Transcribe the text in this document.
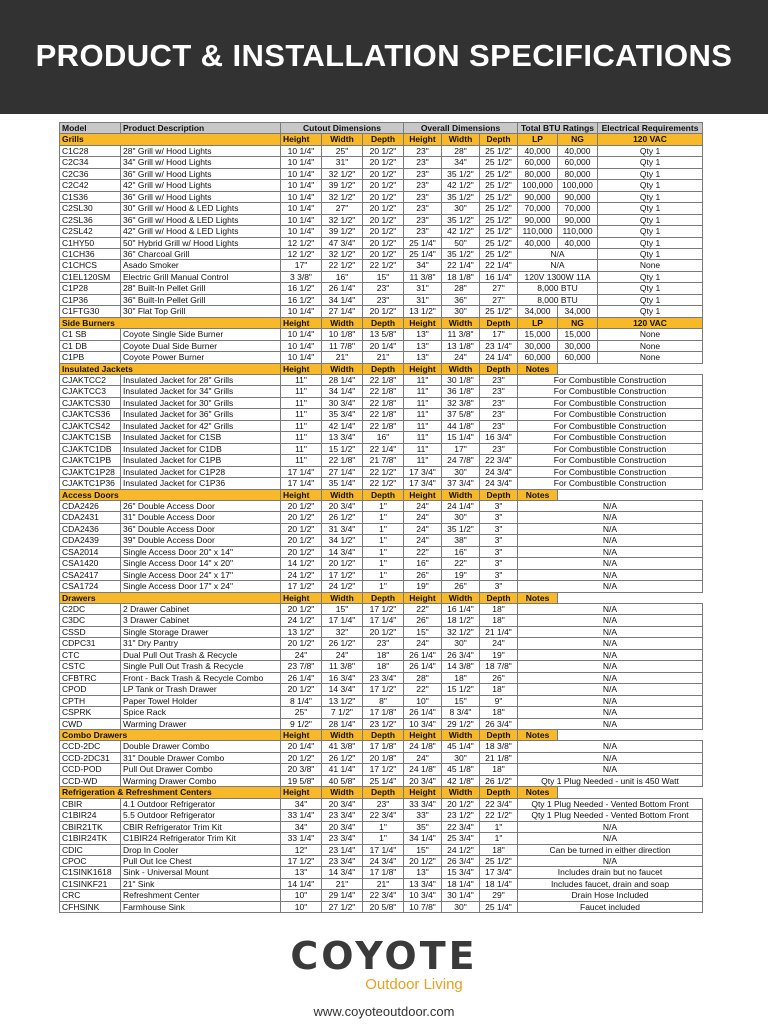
PRODUCT & INSTALLATION SPECIFICATIONS
Model	Product Description	Cutout Dimensions			Overall Dimensions			Total BTU Ratings		Electrical Requirements
Grills		Height	Width	Depth	Height	Width	Depth	LP	NG	120 VAC
C1C28	28" Grill w/ Hood Lights	10 1/4"	25"	20 1/2"	23"	28"	25 1/2"	40,000	40,000	Qty 1
C2C34	34" Grill w/ Hood Lights	10 1/4"	31"	20 1/2"	23"	34"	25 1/2"	60,000	60,000	Qty 1
C2C36	36" Grill w/ Hood Lights	10 1/4"	32 1/2"	20 1/2"	23"	35 1/2"	25 1/2"	80,000	80,000	Qty 1
C2C42	42" Grill w/ Hood Lights	10 1/4"	39 1/2"	20 1/2"	23"	42 1/2"	25 1/2"	100,000	100,000	Qty 1
C1S36	36" Grill w/ Hood Lights	10 1/4"	32 1/2"	20 1/2"	23"	35 1/2"	25 1/2"	90,000	90,000	Qty 1
C2SL30	30" Grill w/ Hood & LED Lights	10 1/4"	27"	20 1/2"	23"	30"	25 1/2"	70,000	70,000	Qty 1
C2SL36	36" Grill w/ Hood & LED Lights	10 1/4"	32 1/2"	20 1/2"	23"	35 1/2"	25 1/2"	90,000	90,000	Qty 1
C2SL42	42" Grill w/ Hood & LED Lights	10 1/4"	39 1/2"	20 1/2"	23"	42 1/2"	25 1/2"	110,000	110,000	Qty 1
C1HY50	50" Hybrid Grill w/ Hood Lights	12 1/2"	47 3/4"	20 1/2"	25 1/4"	50"	25 1/2"	40,000	40,000	Qty 1
C1CH36	36" Charcoal Grill	12 1/2"	32 1/2"	20 1/2"	25 1/4"	35 1/2"	25 1/2"	N/A		Qty 1
C1CHCS	Asado Smoker	17"	22 1/2"	22 1/2"	34"	22 1/4"	22 1/4"	N/A		None
C1EL120SM	Electric Grill Manual Control	3 3/8"	16"	15"	11 3/8"	18 1/8"	16 1/4"	120V 1300W 11A		Qty 1
C1P28	28" Built-In Pellet Grill	16 1/2"	26 1/4"	23"	31"	28"	27"	8,000 BTU		Qty 1
C1P36	36" Built-In Pellet Grill	16 1/2"	34 1/4"	23"	31"	36"	27"	8,000 BTU		Qty 1
C1FTG30	30" Flat Top Grill	10 1/4"	27 1/4"	20 1/2"	13 1/2"	30"	25 1/2"	34,000	34,000	Qty 1
Side Burners		Height	Width	Depth	Height	Width	Depth	LP	NG	120 VAC
C1 SB	Coyote Single Side Burner	10 1/4"	10 1/8"	13 5/8"	13"	11 3/8"	17"	15,000	15,000	None
C1 DB	Coyote Dual Side Burner	10 1/4"	11 7/8"	20 1/4"	13"	13 1/8"	23 1/4"	30,000	30,000	None
C1PB	Coyote Power Burner	10 1/4"	21"	21"	13"	24"	24 1/4"	60,000	60,000	None
Insulated Jackets		Height	Width	Depth	Height	Width	Depth	Notes		
CJAKTCC2	Insulated Jacket for 28" Grills	11"	28 1/4"	22 1/8"	11"	30 1/8"	23"	For Combustible Construction		
CJAKTCC3	Insulated Jacket for 34" Grills	11"	34 1/4"	22 1/8"	11"	36 1/8"	23"	For Combustible Construction		
CJAKTCS30	Insulated Jacket for 30" Grills	11"	30 3/4"	22 1/8"	11"	32 3/8"	23"	For Combustible Construction		
CJAKTCS36	Insulated Jacket for 36" Grills	11"	35 3/4"	22 1/8"	11"	37 5/8"	23"	For Combustible Construction		
CJAKTCS42	Insulated Jacket for 42" Grills	11"	42 1/4"	22 1/8"	11"	44 1/8"	23"	For Combustible Construction		
CJAKTC1SB	Insulated Jacket for C1SB	11"	13 3/4"	16"	11"	15 1/4"	16 3/4"	For Combustible Construction		
CJAKTC1DB	Insulated Jacket for C1DB	11"	15 1/2"	22 1/4"	11"	17"	23"	For Combustible Construction		
CJAKTC1PB	Insulated Jacket for C1PB	11"	22 1/8"	21 7/8"	11"	24 7/8"	22 3/4"	For Combustible Construction		
CJAKTC1P28	Insulated Jacket for C1P28	17 1/4"	27 1/4"	22 1/2"	17 3/4"	30"	24 3/4"	For Combustible Construction		
CJAKTC1P36	Insulated Jacket for C1P36	17 1/4"	35 1/4"	22 1/2"	17 3/4"	37 3/4"	24 3/4"	For Combustible Construction		
Access Doors		Height	Width	Depth	Height	Width	Depth	Notes		
CDA2426	26" Double Access Door	20 1/2"	20 3/4"	1"	24"	24 1/4"	3"	N/A		
CDA2431	31" Double Access Door	20 1/2"	26 1/2"	1"	24"	30"	3"	N/A		
CDA2436	36" Double Access Door	20 1/2"	31 3/4"	1"	24"	35 1/2"	3"	N/A		
CDA2439	39" Double Access Door	20 1/2"	34 1/2"	1"	24"	38"	3"	N/A		
CSA2014	Single Access Door 20" x 14"	20 1/2"	14 3/4"	1"	22"	16"	3"	N/A		
CSA1420	Single Access Door 14" x 20"	14 1/2"	20 1/2"	1"	16"	22"	3"	N/A		
CSA2417	Single Access Door 24" x 17"	24 1/2"	17 1/2"	1"	26"	19"	3"	N/A		
CSA1724	Single Access Door 17" x 24"	17 1/2"	24 1/2"	1"	19"	26"	3"	N/A		
Drawers		Height	Width	Depth	Height	Width	Depth	Notes		
C2DC	2 Drawer Cabinet	20 1/2"	15"	17 1/2"	22"	16 1/4"	18"	N/A		
C3DC	3 Drawer Cabinet	24 1/2"	17 1/4"	17 1/4"	26"	18 1/2"	18"	N/A		
CSSD	Single Storage Drawer	13 1/2"	32"	20 1/2"	15"	32 1/2"	21 1/4"	N/A		
CDPC31	31" Dry Pantry	20 1/2"	26 1/2"	23"	24"	30"	24"	N/A		
CTC	Dual Pull Out Trash & Recycle	24"	24"	18"	26 1/4"	26 3/4"	19"	N/A		
CSTC	Single Pull Out Trash & Recycle	23 7/8"	11 3/8"	18"	26 1/4"	14 3/8"	18 7/8"	N/A		
CFBTRC	Front - Back Trash & Recycle Combo	26 1/4"	16 3/4"	23 3/4"	28"	18"	26"	N/A		
CPOD	LP Tank or Trash Drawer	20 1/2"	14 3/4"	17 1/2"	22"	15 1/2"	18"	N/A		
CPTH	Paper Towel Holder	8 1/4"	13 1/2"	8"	10"	15"	9"	N/A		
CSPRK	Spice Rack	25"	7 1/2"	17 1/8"	26 1/4"	8 3/4"	18"	N/A		
CWD	Warming Drawer	9 1/2"	28 1/4"	23 1/2"	10 3/4"	29 1/2"	26 3/4"	N/A		
Combo Drawers		Height	Width	Depth	Height	Width	Depth	Notes		
CCD-2DC	Double Drawer Combo	20 1/4"	41 3/8"	17 1/8"	24 1/8"	45 1/4"	18 3/8"	N/A		
CCD-2DC31	31" Double Drawer Combo	20 1/2"	26 1/2"	20 1/8"	24"	30"	21 1/8"	N/A		
CCD-POD	Pull Out Drawer Combo	20 3/8"	41 1/4"	17 1/2"	24 1/8"	45 1/8"	18"	N/A		
CCD-WD	Warming Drawer Combo	19 5/8"	40 5/8"	25 1/4"	20 3/4"	42 1/8"	26 1/2"	Qty 1 Plug Needed - unit is 450 Watt		
Refrigeration & Refreshment Centers		Height	Width	Depth	Height	Width	Depth	Notes		
CBIR	4.1 Outdoor Refrigerator	34"	20 3/4"	23"	33 3/4"	20 1/2"	22 3/4"	Qty 1 Plug Needed - Vented Bottom Front		
C1BIR24	5.5 Outdoor Refrigerator	33 1/4"	23 3/4"	22 3/4"	33"	23 1/2"	22 1/2"	Qty 1 Plug Needed - Vented Bottom Front		
CBIR21TK	CBIR Refrigerator Trim Kit	34"	20 3/4"	1"	35"	22 3/4"	1"	N/A		
C1BIR24TK	C1BIR24 Refrigerator Trim Kit	33 1/4"	23 3/4"	1"	34 1/4"	25 3/4"	1"	N/A		
CDIC	Drop In Cooler	12"	23 1/4"	17 1/4"	15"	24 1/2"	18"	Can be turned in either direction		
CPOC	Pull Out Ice Chest	17 1/2"	23 3/4"	24 3/4"	20 1/2"	26 3/4"	25 1/2"	N/A		
C1SINK1618	Sink - Universal Mount	13"	14 3/4"	17 1/8"	13"	15 3/4"	17 3/4"	Includes drain but no faucet		
C1SINKF21	21" Sink	14 1/4"	21"	21"	13 3/4"	18 1/4"	18 1/4"	Includes faucet, drain and soap		
CRC	Refreshment Center	10"	29 1/4"	22 3/4"	10 3/4"	30 1/4"	29"	Drain Hose Included		
CFHSINK	Farmhouse Sink	10"	27 1/2"	20 5/8"	10 7/8"	30"	25 1/4"	Faucet included		
COYOTE
Outdoor Living
www.coyoteoutdoor.com
